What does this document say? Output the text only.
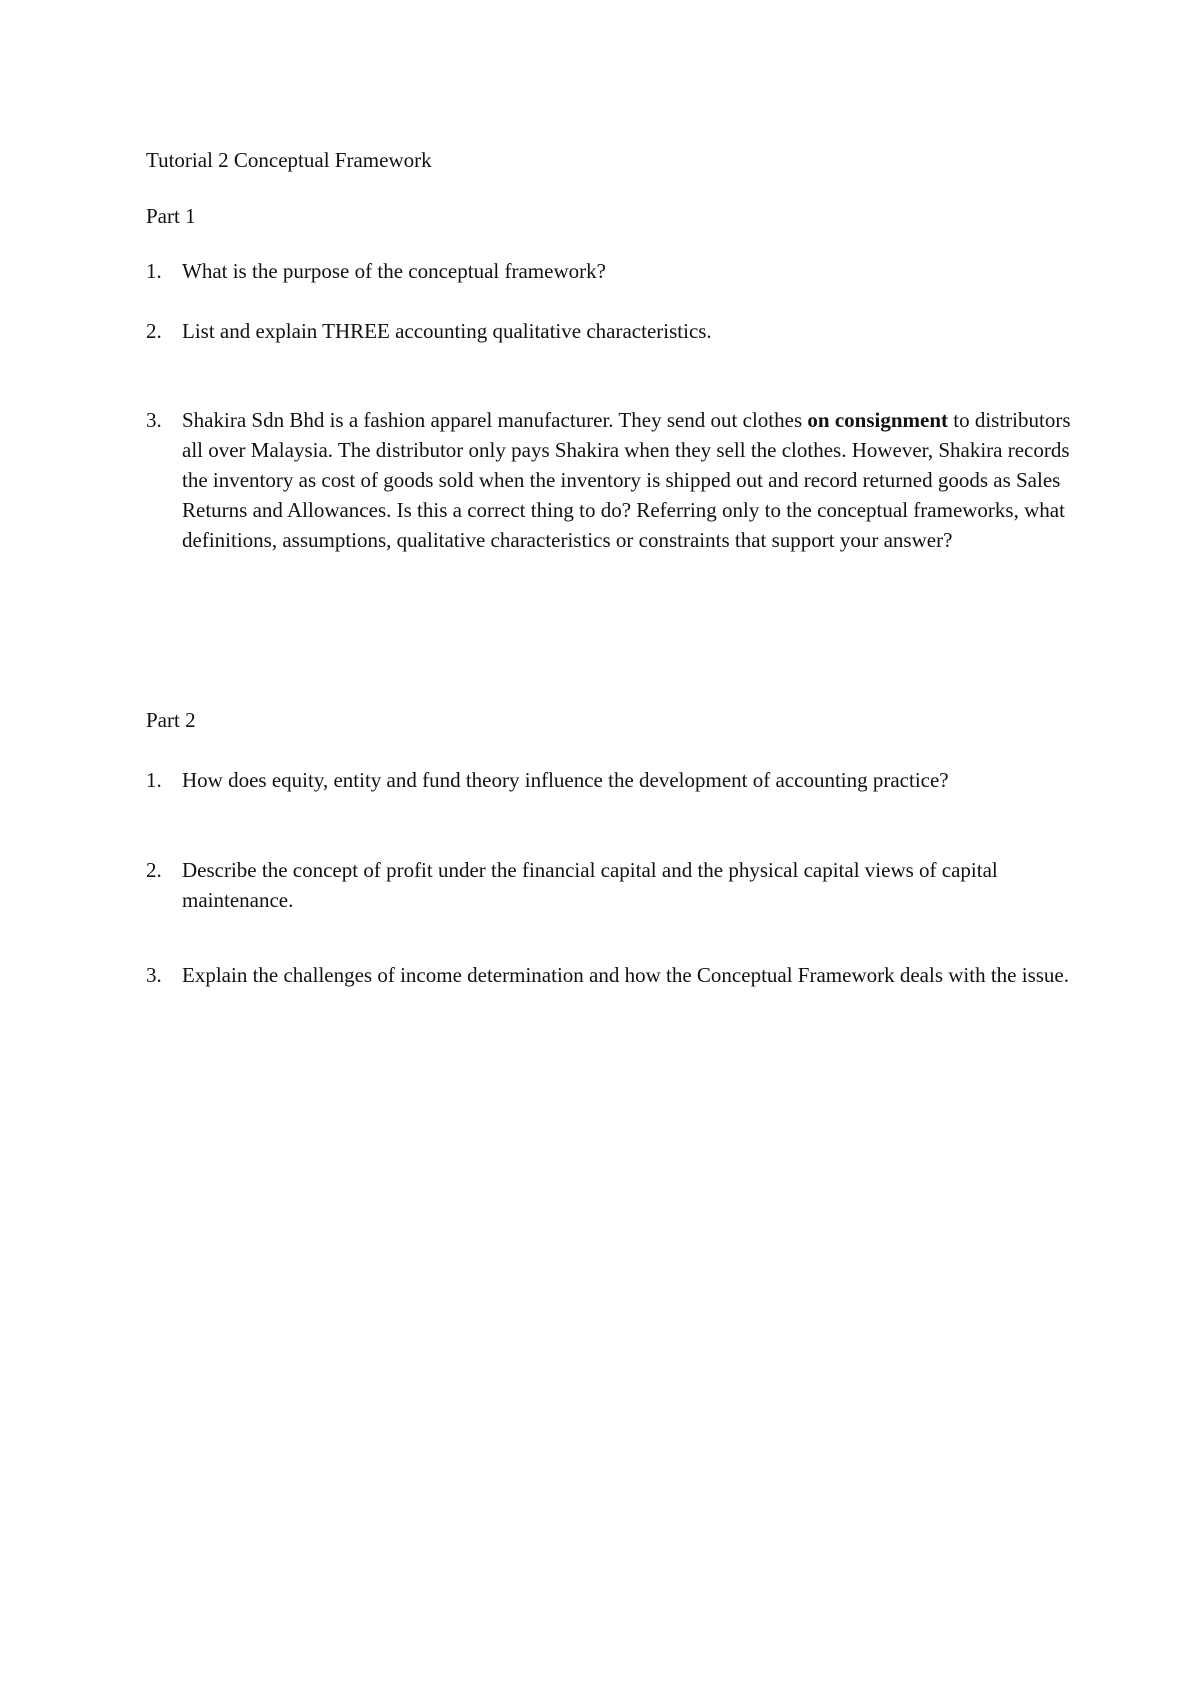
Tutorial 2 Conceptual Framework
Part 1
1. What is the purpose of the conceptual framework?
2. List and explain THREE accounting qualitative characteristics.
3. Shakira Sdn Bhd is a fashion apparel manufacturer. They send out clothes on consignment to distributors all over Malaysia. The distributor only pays Shakira when they sell the clothes. However, Shakira records the inventory as cost of goods sold when the inventory is shipped out and record returned goods as Sales Returns and Allowances. Is this a correct thing to do? Referring only to the conceptual frameworks, what definitions, assumptions, qualitative characteristics or constraints that support your answer?
Part 2
1. How does equity, entity and fund theory influence the development of accounting practice?
2. Describe the concept of profit under the financial capital and the physical capital views of capital maintenance.
3. Explain the challenges of income determination and how the Conceptual Framework deals with the issue.
